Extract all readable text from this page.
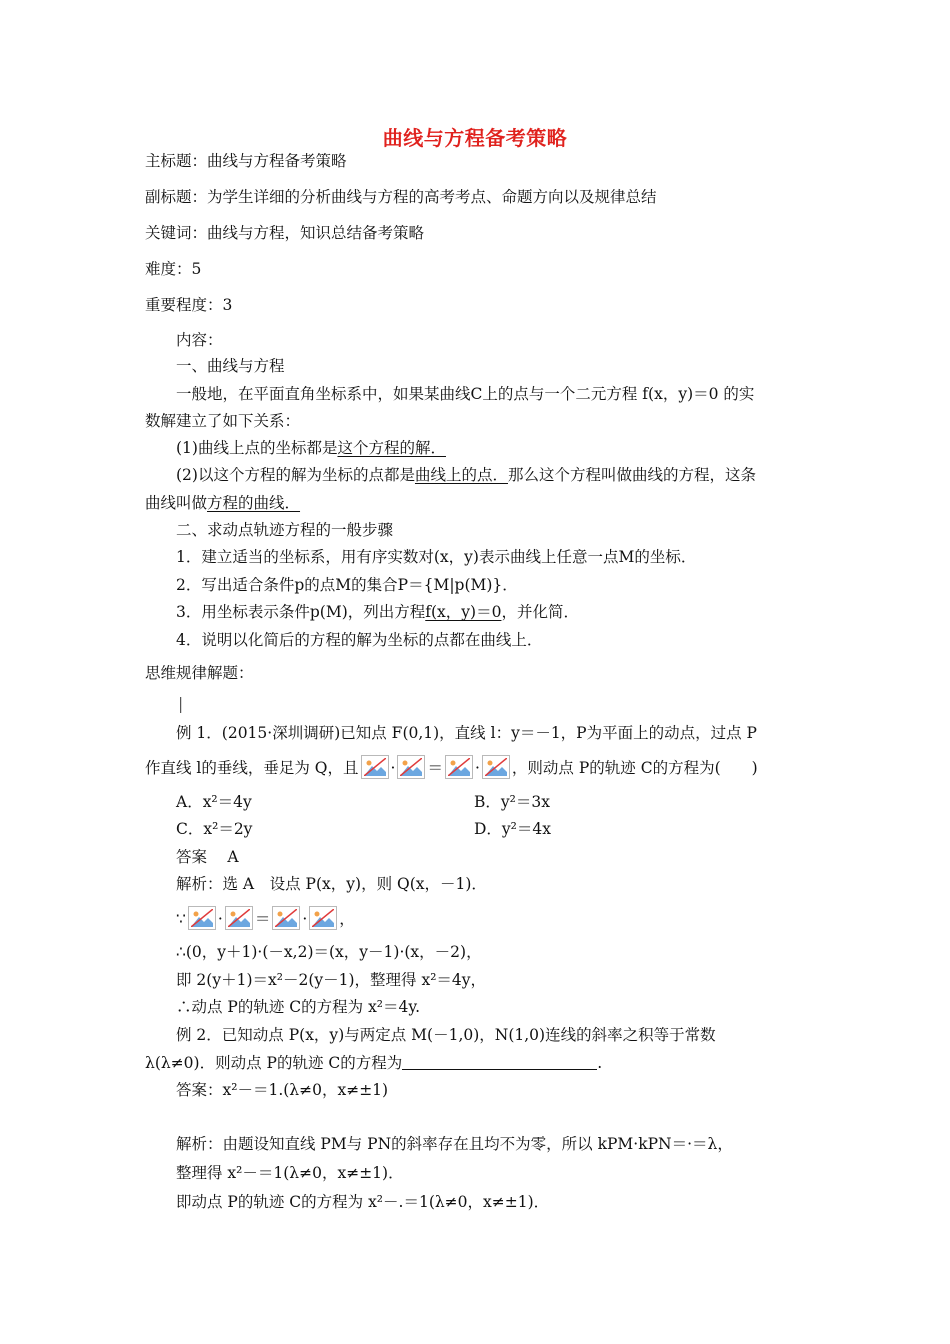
曲线与方程备考策略
主标题：曲线与方程备考策略
副标题：为学生详细的分析曲线与方程的高考考点、命题方向以及规律总结
关键词：曲线与方程，知识总结备考策略
难度：5
重要程度：3
内容：
一、曲线与方程
一般地，在平面直角坐标系中，如果某曲线C上的点与一个二元方程 f(x，y)＝0 的实
数解建立了如下关系：
(1)曲线上点的坐标都是这个方程的解．
(2)以这个方程的解为坐标的点都是曲线上的点．那么这个方程叫做曲线的方程，这条
曲线叫做方程的曲线．
二、求动点轨迹方程的一般步骤
1．建立适当的坐标系，用有序实数对(x，y)表示曲线上任意一点M的坐标．
2．写出适合条件p的点M的集合P＝{M|p(M)}．
3．用坐标表示条件p(M)，列出方程f(x，y)＝0，并化简．
4．说明以化简后的方程的解为坐标的点都在曲线上．
思维规律解题：
|
例 1．(2015·深圳调研)已知点 F(0,1)，直线 l：y＝－1，P为平面上的动点，过点 P
作直线 l的垂线，垂足为 Q，且 · ＝ · ，则动点 P的轨迹 C的方程为(　　)
A．x²＝4y	B．y²＝3x
C．x²＝2y	D．y²＝4x
答案　 A
解析：选 A　设点 P(x，y)，则 Q(x，－1)．
∵ · ＝ · ，
∴(0，y＋1)·(－x,2)＝(x，y－1)·(x，－2)，
即 2(y＋1)＝x²－2(y－1)，整理得 x²＝4y，
∴动点 P的轨迹 C的方程为 x²＝4y.
例 2．已知动点 P(x，y)与两定点 M(－1,0)，N(1,0)连线的斜率之积等于常数
λ(λ≠0)．则动点 P的轨迹 C的方程为	.
答案：x²－＝1.(λ≠0，x≠±1)
解析：由题设知直线 PM与 PN的斜率存在且均不为零，所以 kPM·kPN＝·＝λ，
整理得 x²－＝1(λ≠0，x≠±1)．
即动点 P的轨迹 C的方程为 x²－.＝1(λ≠0，x≠±1)．
